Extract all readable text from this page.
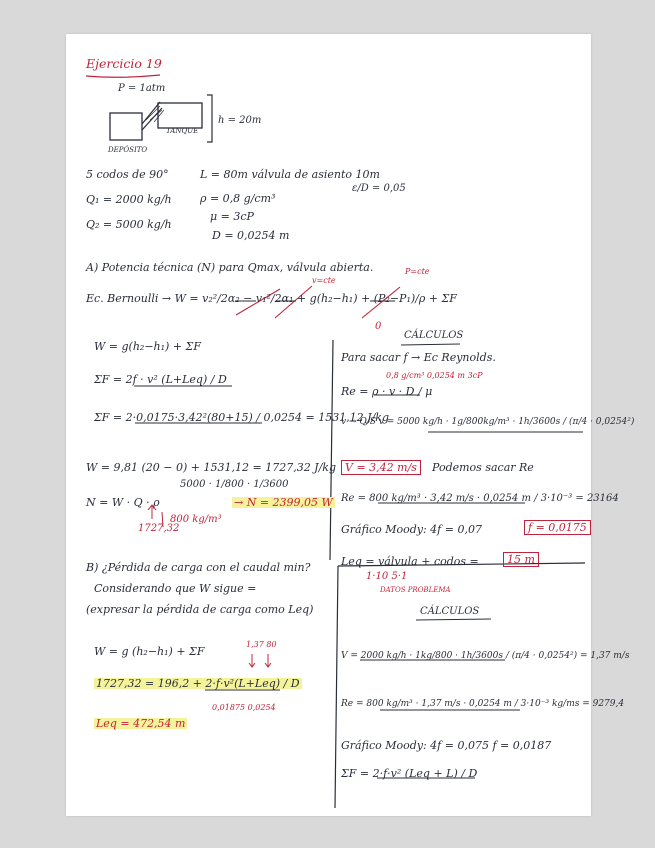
Ejercicio 19
P = 1atm
h = 20m
TANQUE
DEPÓSITO
5 codos de 90°	L = 80m válvula de asiento 10m
ε/D = 0,05
Q₁ = 2000 kg/h	ρ = 0,8 g/cm³
μ = 3cP
Q₂ = 5000 kg/h
D = 0,0254 m
A) Potencia técnica (N) para Qmax, válvula abierta.
v=cte
P=cte
Ec. Bernoulli → W = v₂²/2α₂ − v₁²/2α₁ + g(h₂−h₁) + (P₂−P₁)/ρ + ΣF
0
W = g(h₂−h₁) + ΣF
ΣF = 2f · v² (L+Leq) / D
ΣF = 2·0,0175·3,42²(80+15) / 0,0254 = 1531,12 J/kg
W = 9,81 (20 − 0) + 1531,12 = 1727,32 J/kg
5000 · 1/800 · 1/3600
N = W · Q · ρ	→ N = 2399,05 W
1727,32
800 kg/m³
CÁLCULOS
Para sacar f → Ec Reynolds.
Re = ρ · v · D / μ
0,8 g/cm³ 0,0254 m 3cP
v → Q/S v = 5000 kg/h · 1g/800kg/m³ · 1h/3600s / (π/4 · 0,0254²)
V = 3,42 m/s	Podemos sacar Re
Re = 800 kg/m³ · 3,42 m/s · 0,0254 m / 3·10⁻³ = 23164
Gráfico Moody: 4f = 0,07	f = 0,0175
Leq = válvula + codos =	15 m
1·10 5·1
DATOS PROBLEMA
B) ¿Pérdida de carga con el caudal min?
Considerando que W sigue =
(expresar la pérdida de carga como Leq)
W = g (h₂−h₁) + ΣF
1,37 80
1727,32 = 196,2 + 2·f·v²(L+Leq) / D
0,01875 0,0254
Leq = 472,54 m
CÁLCULOS
V = 2000 kg/h · 1kg/800 · 1h/3600s / (π/4 · 0,0254²) = 1,37 m/s
Re = 800 kg/m³ · 1,37 m/s · 0,0254 m / 3·10⁻³ kg/ms = 9279,4
Gráfico Moody: 4f = 0,075 f = 0,0187
ΣF = 2·f·v² (Leq + L) / D
